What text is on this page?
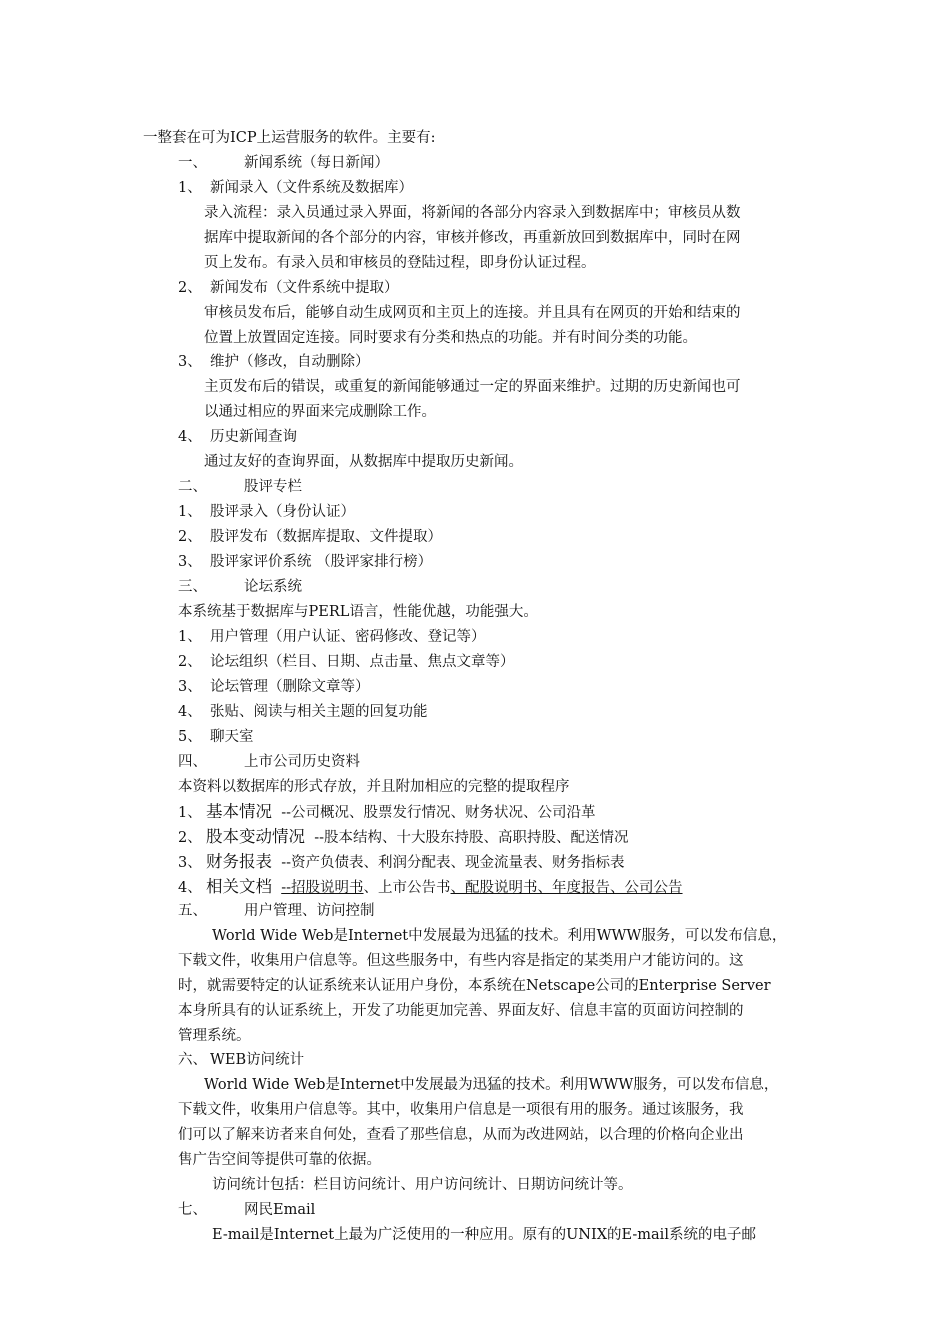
一整套在可为ICP上运营服务的软件。主要有:
一、	新闻系统（每日新闻）
1、 新闻录入（文件系统及数据库）
录入流程：录入员通过录入界面，将新闻的各部分内容录入到数据库中；审核员从数
据库中提取新闻的各个部分的内容，审核并修改，再重新放回到数据库中，同时在网
页上发布。有录入员和审核员的登陆过程，即身份认证过程。
2、 新闻发布（文件系统中提取）
审核员发布后，能够自动生成网页和主页上的连接。并且具有在网页的开始和结束的
位置上放置固定连接。同时要求有分类和热点的功能。并有时间分类的功能。
3、 维护（修改，自动删除）
主页发布后的错误，或重复的新闻能够通过一定的界面来维护。过期的历史新闻也可
以通过相应的界面来完成删除工作。
4、 历史新闻查询
通过友好的查询界面，从数据库中提取历史新闻。
二、	股评专栏
1、 股评录入（身份认证）
2、 股评发布（数据库提取、文件提取）
3、 股评家评价系统 （股评家排行榜）
三、	论坛系统
本系统基于数据库与PERL语言，性能优越，功能强大。
1、 用户管理（用户认证、密码修改、登记等）
2、 论坛组织（栏目、日期、点击量、焦点文章等）
3、 论坛管理（删除文章等）
4、 张贴、阅读与相关主题的回复功能
5、 聊天室
四、	上市公司历史资料
本资料以数据库的形式存放，并且附加相应的完整的提取程序
1、 基本情况 --公司概况、股票发行情况、财务状况、公司沿革
2、 股本变动情况 --股本结构、十大股东持股、高职持股、配送情况
3、 财务报表 --资产负债表、利润分配表、现金流量表、财务指标表
4、 相关文档 --招股说明书、上市公告书、配股说明书、年度报告、公司公告
五、	用户管理、访问控制
World Wide Web是Internet中发展最为迅猛的技术。利用WWW服务，可以发布信息，
下载文件，收集用户信息等。但这些服务中，有些内容是指定的某类用户才能访问的。这
时，就需要特定的认证系统来认证用户身份，本系统在Netscape公司的Enterprise Server
本身所具有的认证系统上，开发了功能更加完善、界面友好、信息丰富的页面访问控制的
管理系统。
六、 WEB访问统计
World Wide Web是Internet中发展最为迅猛的技术。利用WWW服务，可以发布信息，
下载文件，收集用户信息等。其中，收集用户信息是一项很有用的服务。通过该服务，我
们可以了解来访者来自何处，查看了那些信息，从而为改进网站，以合理的价格向企业出
售广告空间等提供可靠的依据。
访问统计包括：栏目访问统计、用户访问统计、日期访问统计等。
七、	网民Email
E-mail是Internet上最为广泛使用的一种应用。原有的UNIX的E-mail系统的电子邮
